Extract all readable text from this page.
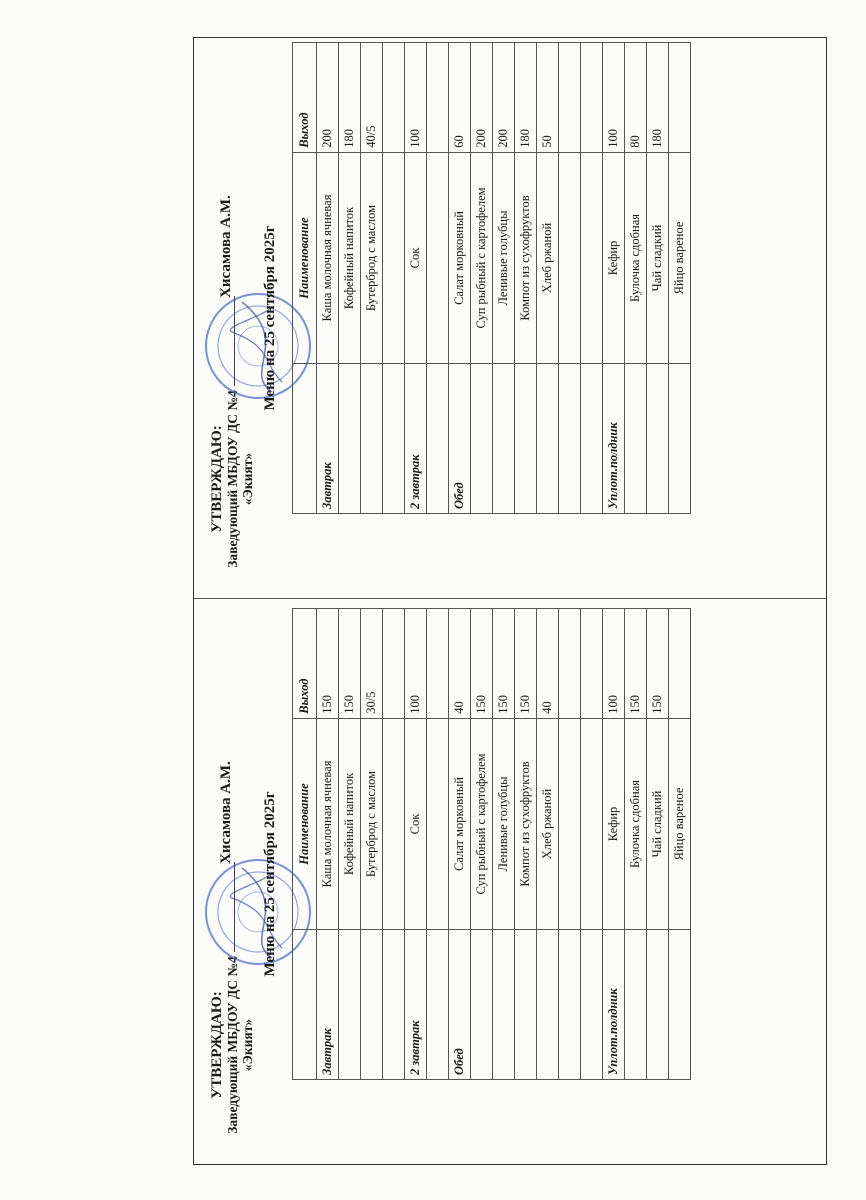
УТВЕРЖДАЮ: Заведующий МБДОУ ДС №4 «Экият»
Хисамова А.М. Меню на 25 сентября 2025г
	Наименование	Выход
Завтрак	Каша молочная ячневая	200
	Кофейный напиток	180
	Бутерброд с маслом	40/5

2 завтрак	Сок	100

Обед	Салат морковный	60
	Суп рыбный с картофелем	200
	Ленивые голубцы	200
	Компот из сухофруктов	180
	Хлеб ржаной	50

Уплот.полдник	Кефир	100
	Булочка сдобная	80
	Чай сладкий	180
	Яйцо вареное	
УТВЕРЖДАЮ: Заведующий МБДОУ ДС №4 «Экият»
Хисамова А.М. Меню на 25 сентября 2025г
	Наименование	Выход
Завтрак	Каша молочная ячневая	150
	Кофейный напиток	150
	Бутерброд с маслом	30/5

2 завтрак	Сок	100

Обед	Салат морковный	40
	Суп рыбный с картофелем	150
	Ленивые голубцы	150
	Компот из сухофруктов	150
	Хлеб ржаной	40

Уплот.полдник	Кефир	100
	Булочка сдобная	150
	Чай сладкий	150
	Яйцо вареное	
